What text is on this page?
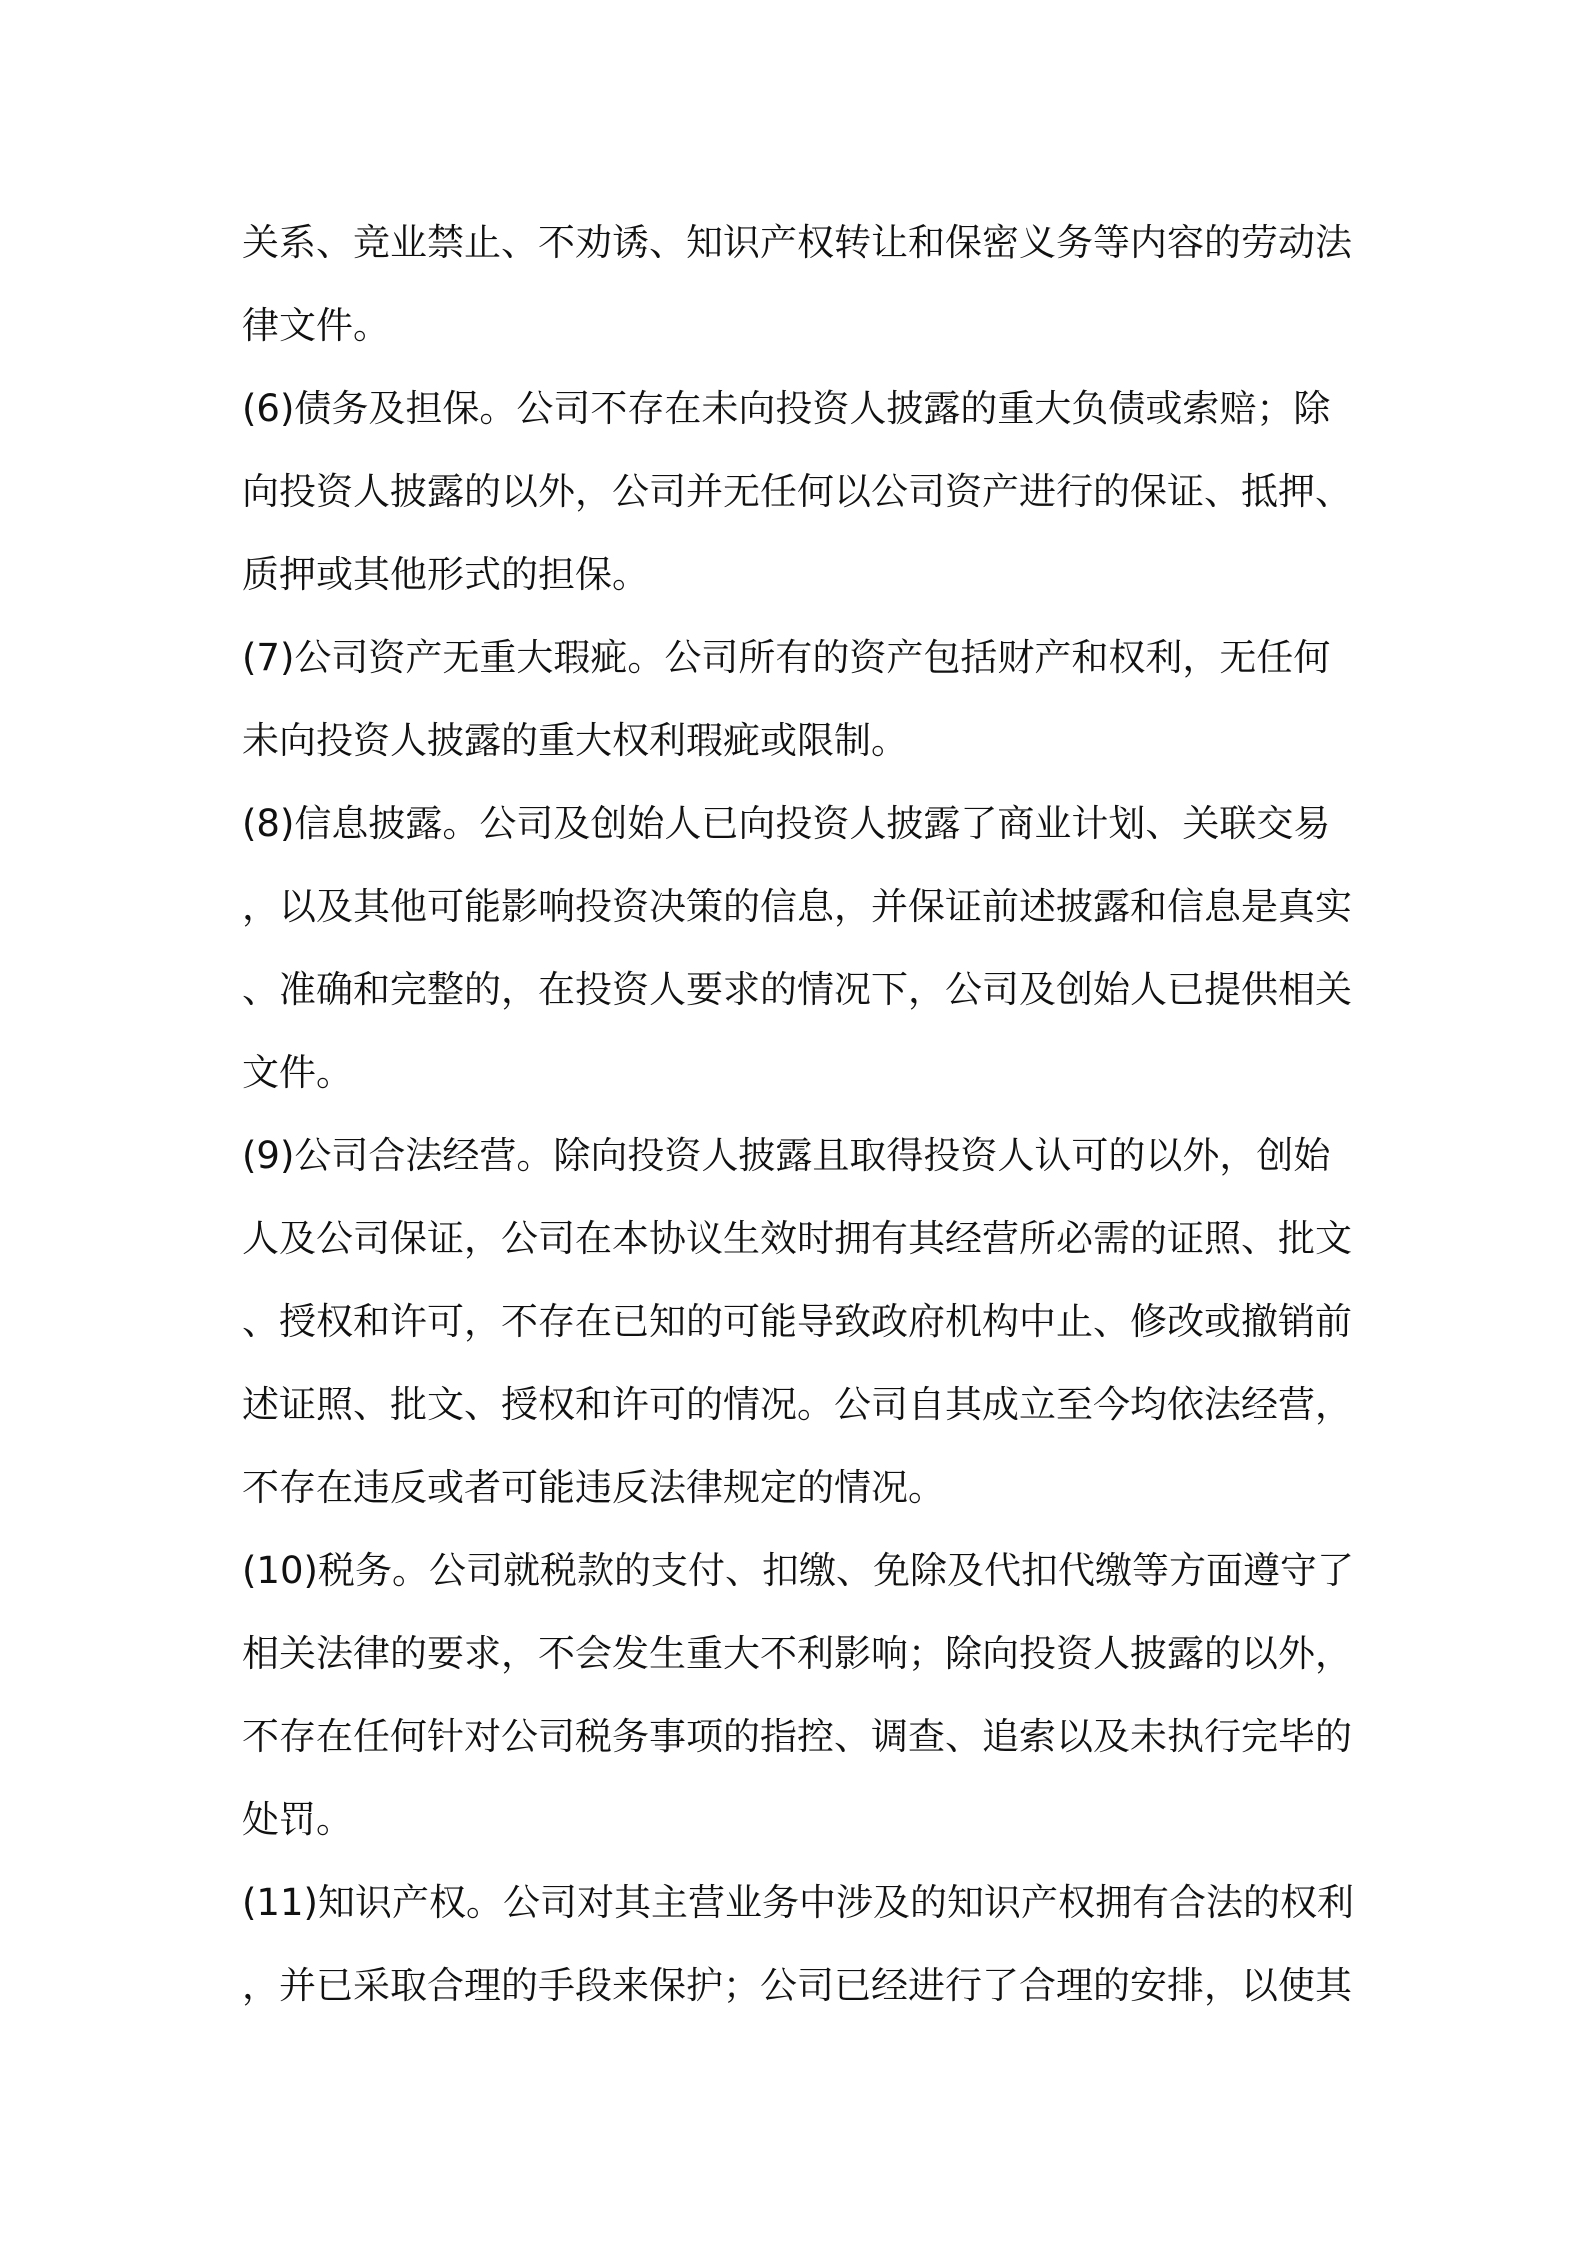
关系、竞业禁止、不劝诱、知识产权转让和保密义务等内容的劳动法
律文件。
(6)债务及担保。公司不存在未向投资人披露的重大负债或索赔；除
向投资人披露的以外，公司并无任何以公司资产进行的保证、抵押、
质押或其他形式的担保。
(7)公司资产无重大瑕疵。公司所有的资产包括财产和权利，无任何
未向投资人披露的重大权利瑕疵或限制。
(8)信息披露。公司及创始人已向投资人披露了商业计划、关联交易
，以及其他可能影响投资决策的信息，并保证前述披露和信息是真实
、准确和完整的，在投资人要求的情况下，公司及创始人已提供相关
文件。
(9)公司合法经营。除向投资人披露且取得投资人认可的以外，创始
人及公司保证，公司在本协议生效时拥有其经营所必需的证照、批文
、授权和许可，不存在已知的可能导致政府机构中止、修改或撤销前
述证照、批文、授权和许可的情况。公司自其成立至今均依法经营，
不存在违反或者可能违反法律规定的情况。
(10)税务。公司就税款的支付、扣缴、免除及代扣代缴等方面遵守了
相关法律的要求，不会发生重大不利影响；除向投资人披露的以外，
不存在任何针对公司税务事项的指控、调查、追索以及未执行完毕的
处罚。
(11)知识产权。公司对其主营业务中涉及的知识产权拥有合法的权利
，并已采取合理的手段来保护；公司已经进行了合理的安排，以使其
